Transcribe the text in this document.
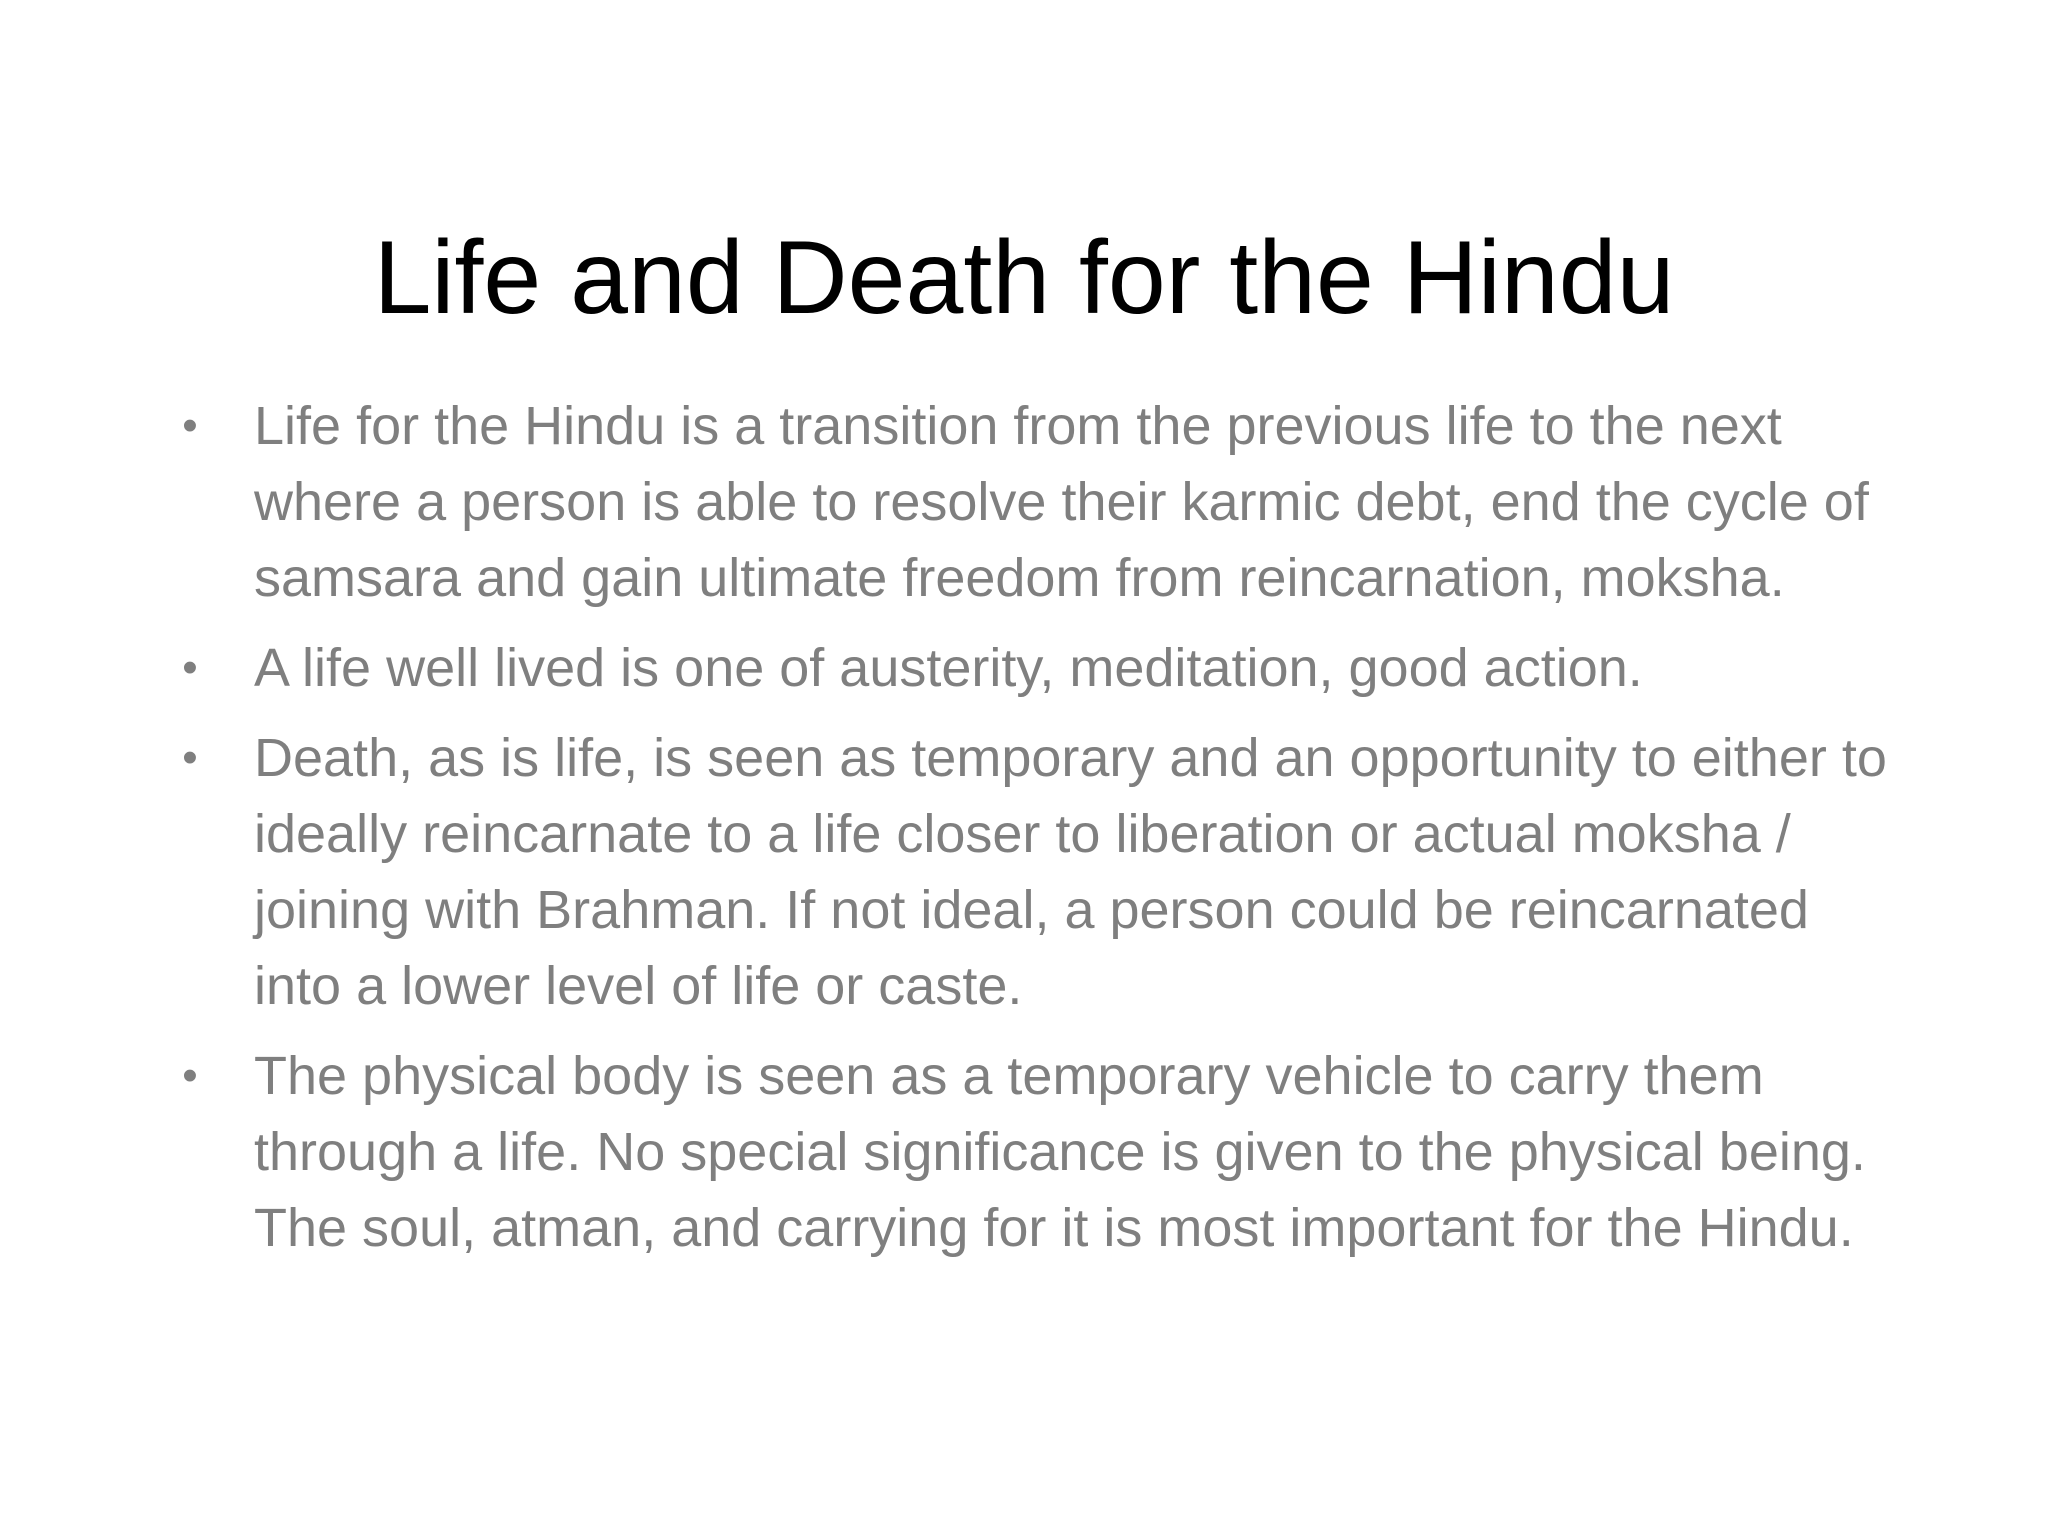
Life and Death for the Hindu
• Life for the Hindu is a transition from the previous life to the next where a person is able to resolve their karmic debt, end the cycle of samsara and gain ultimate freedom from reincarnation, moksha.
• A life well lived is one of austerity, meditation, good action.
• Death, as is life, is seen as temporary and an opportunity to either to ideally reincarnate to a life closer to liberation or actual moksha / joining with Brahman. If not ideal, a person could be reincarnated into a lower level of life or caste.
• The physical body is seen as a temporary vehicle to carry them through a life. No special significance is given to the physical being. The soul, atman, and carrying for it is most important for the Hindu.
